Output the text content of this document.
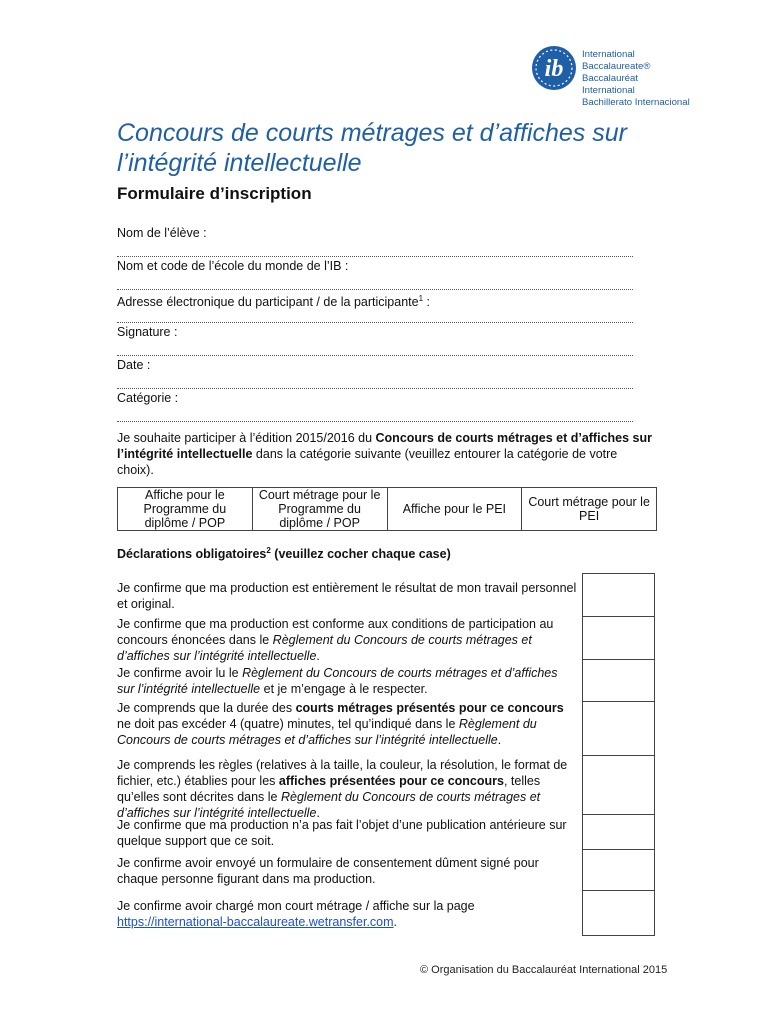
ib
International Baccalaureate®
Baccalauréat International
Bachillerato Internacional
Concours de courts métrages et d’affiches sur l’intégrité intellectuelle
Formulaire d’inscription
Nom de l’élève :
Nom et code de l’école du monde de l’IB :
Adresse électronique du participant / de la participante$^1$ :
Signature :
Date :
Catégorie :
Je souhaite participer à l’édition 2015/2016 du Concours de courts métrages et d’affiches sur l’intégrité intellectuelle dans la catégorie suivante (veuillez entourer la catégorie de votre choix).
Affiche pour le Programme du diplôme / POP	Court métrage pour le Programme du diplôme / POP	Affiche pour le PEI	Court métrage pour le PEI
Déclarations obligatoires$^2$ (veuillez cocher chaque case)
Je confirme que ma production est entièrement le résultat de mon travail personnel et original.
Je confirme que ma production est conforme aux conditions de participation au concours énoncées dans le Règlement du Concours de courts métrages et d’affiches sur l’intégrité intellectuelle.
Je confirme avoir lu le Règlement du Concours de courts métrages et d’affiches sur l’intégrité intellectuelle et je m’engage à le respecter.
Je comprends que la durée des courts métrages présentés pour ce concours ne doit pas excéder 4 (quatre) minutes, tel qu’indiqué dans le Règlement du Concours de courts métrages et d’affiches sur l’intégrité intellectuelle.
Je comprends les règles (relatives à la taille, la couleur, la résolution, le format de fichier, etc.) établies pour les affiches présentées pour ce concours, telles qu’elles sont décrites dans le Règlement du Concours de courts métrages et d’affiches sur l’intégrité intellectuelle.
Je confirme que ma production n’a pas fait l’objet d’une publication antérieure sur quelque support que ce soit.
Je confirme avoir envoyé un formulaire de consentement dûment signé pour chaque personne figurant dans ma production.
Je confirme avoir chargé mon court métrage / affiche sur la page https://international-baccalaureate.wetransfer.com.
© Organisation du Baccalauréat International 2015
